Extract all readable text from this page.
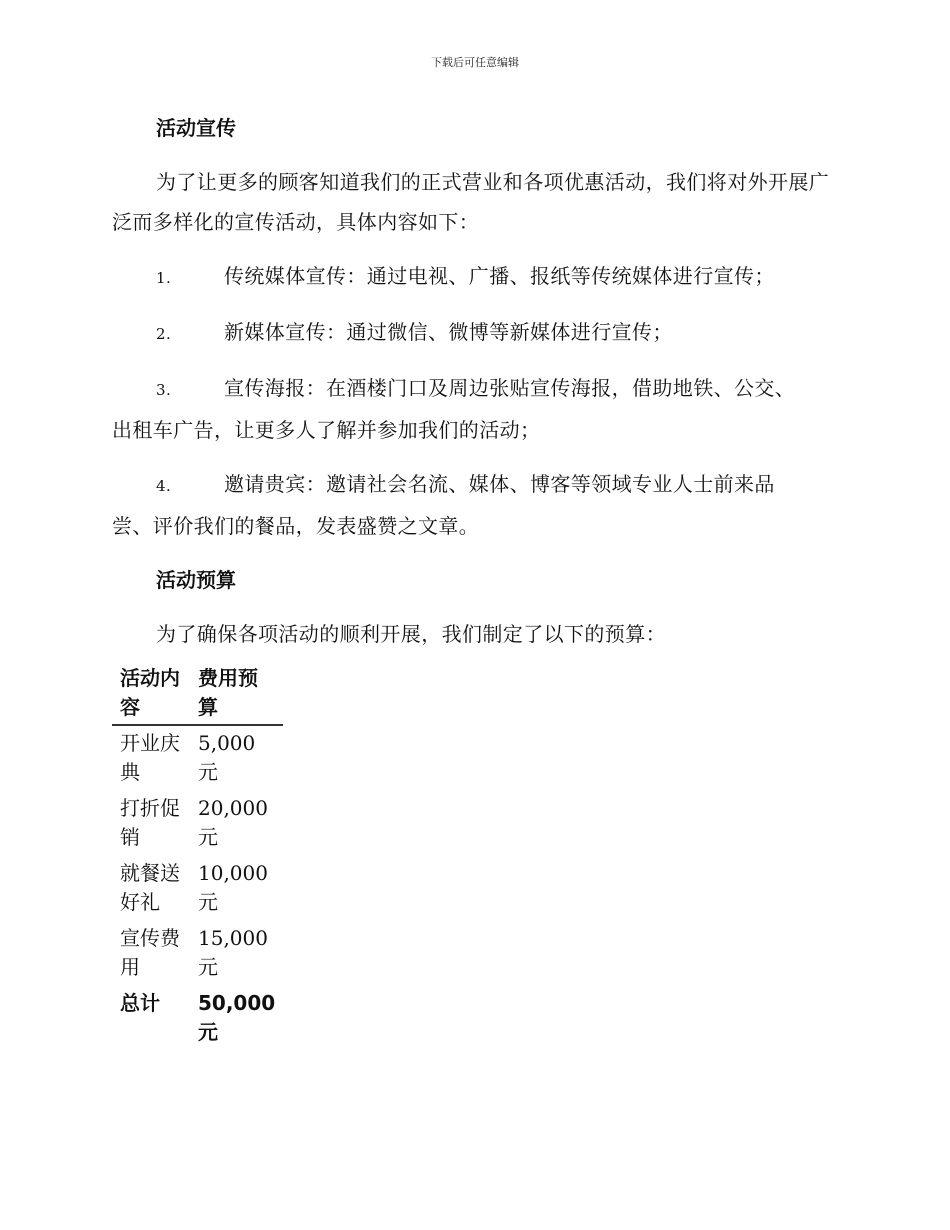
下载后可任意编辑
活动宣传

为了让更多的顾客知道我们的正式营业和各项优惠活动，我们将对外开展广泛而多样化的宣传活动，具体内容如下：

1.	传统媒体宣传：通过电视、广播、报纸等传统媒体进行宣传；
2.	新媒体宣传：通过微信、微博等新媒体进行宣传；
3.	宣传海报：在酒楼门口及周边张贴宣传海报，借助地铁、公交、
出租车广告，让更多人了解并参加我们的活动；
4.	邀请贵宾：邀请社会名流、媒体、博客等领域专业人士前来品
尝、评价我们的餐品，发表盛赞之文章。
活动预算

为了确保各项活动的顺利开展，我们制定了以下的预算：

活动内容	费用预算
开业庆典	5,000 元
打折促销	20,000 元
就餐送好礼	10,000 元
宣传费用	15,000 元
总计	50,000 元
